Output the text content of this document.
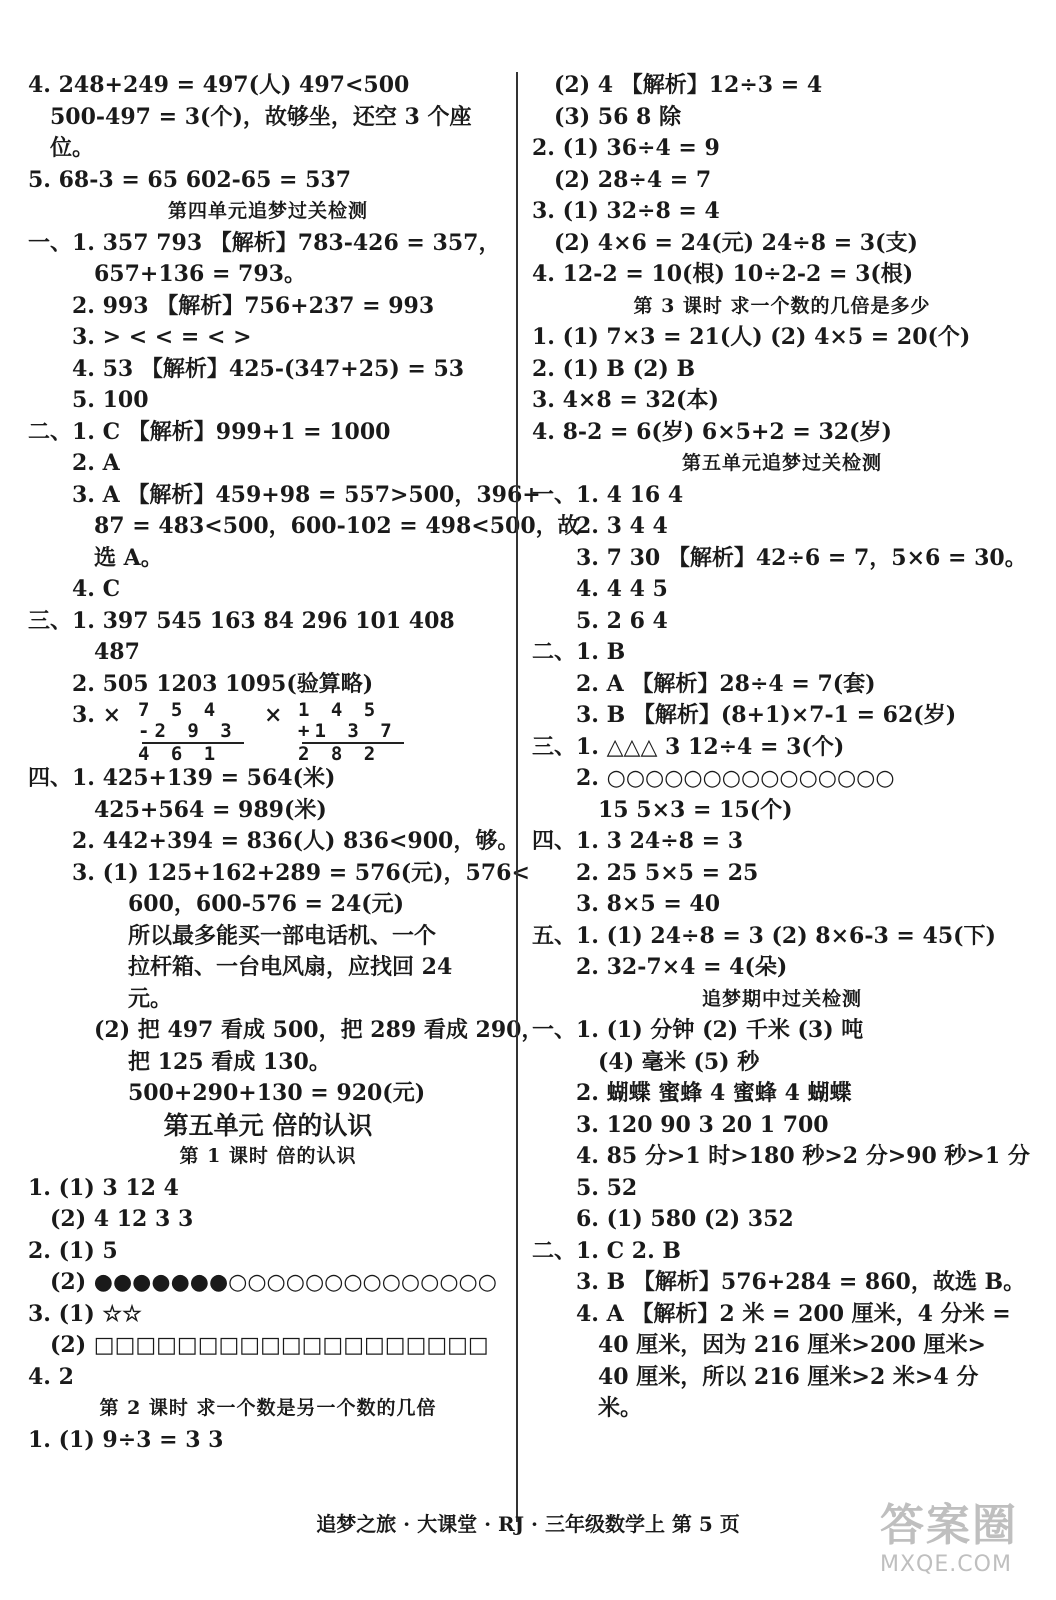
4. 248+249 = 497(人) 497<500
500-497 = 3(个)，故够坐，还空 3 个座
位。
5. 68-3 = 65 602-65 = 537
第四单元追梦过关检测
一、1. 357 793 【解析】783-426 = 357，
657+136 = 793。
2. 993 【解析】756+237 = 993
3. > < < = < >
4. 53 【解析】425-(347+25) = 53
5. 100
二、1. C 【解析】999+1 = 1000
2. A
3. A 【解析】459+98 = 557>500，396+
87 = 483<500，600-102 = 498<500，故
选 A。
4. C
三、1. 397 545 163 84 296 101 408
487
2. 505 1203 1095(验算略)
3. × 7 5 4
-2 9 3
4 6 1
× 1 4 5
+1 3 7
2 8 2
四、1. 425+139 = 564(米)
425+564 = 989(米)
2. 442+394 = 836(人) 836<900，够。
3. (1) 125+162+289 = 576(元)，576<
600，600-576 = 24(元)
所以最多能买一部电话机、一个
拉杆箱、一台电风扇，应找回 24
元。
(2) 把 497 看成 500，把 289 看成 290，
把 125 看成 130。
500+290+130 = 920(元)
第五单元 倍的认识
第 1 课时 倍的认识
1. (1) 3 12 4
(2) 4 12 3 3
2. (1) 5
(2) ●●●●●●●○○○○○○○○○○○○○○
3. (1) ☆☆
(2) □□□□□□□□□□□□□□□□□□□
4. 2
第 2 课时 求一个数是另一个数的几倍
1. (1) 9÷3 = 3 3
(2) 4 【解析】12÷3 = 4
(3) 56 8 除
2. (1) 36÷4 = 9
(2) 28÷4 = 7
3. (1) 32÷8 = 4
(2) 4×6 = 24(元) 24÷8 = 3(支)
4. 12-2 = 10(根) 10÷2-2 = 3(根)
第 3 课时 求一个数的几倍是多少
1. (1) 7×3 = 21(人) (2) 4×5 = 20(个)
2. (1) B (2) B
3. 4×8 = 32(本)
4. 8-2 = 6(岁) 6×5+2 = 32(岁)
第五单元追梦过关检测
一、1. 4 16 4
2. 3 4 4
3. 7 30 【解析】42÷6 = 7，5×6 = 30。
4. 4 4 5
5. 2 6 4
二、1. B
2. A 【解析】28÷4 = 7(套)
3. B 【解析】(8+1)×7-1 = 62(岁)
三、1. △△△ 3 12÷4 = 3(个)
2. ○○○○○○○○○○○○○○○
15 5×3 = 15(个)
四、1. 3 24÷8 = 3
2. 25 5×5 = 25
3. 8×5 = 40
五、1. (1) 24÷8 = 3 (2) 8×6-3 = 45(下)
2. 32-7×4 = 4(朵)
追梦期中过关检测
一、1. (1) 分钟 (2) 千米 (3) 吨
(4) 毫米 (5) 秒
2. 蝴蝶 蜜蜂 4 蜜蜂 4 蝴蝶
3. 120 90 3 20 1 700
4. 85 分>1 时>180 秒>2 分>90 秒>1 分
5. 52
6. (1) 580 (2) 352
二、1. C 2. B
3. B 【解析】576+284 = 860，故选 B。
4. A 【解析】2 米 = 200 厘米，4 分米 =
40 厘米，因为 216 厘米>200 厘米>
40 厘米，所以 216 厘米>2 米>4 分
米。
追梦之旅 · 大课堂 · RJ · 三年级数学上 第 5 页	答案圈
MXQE.COM
